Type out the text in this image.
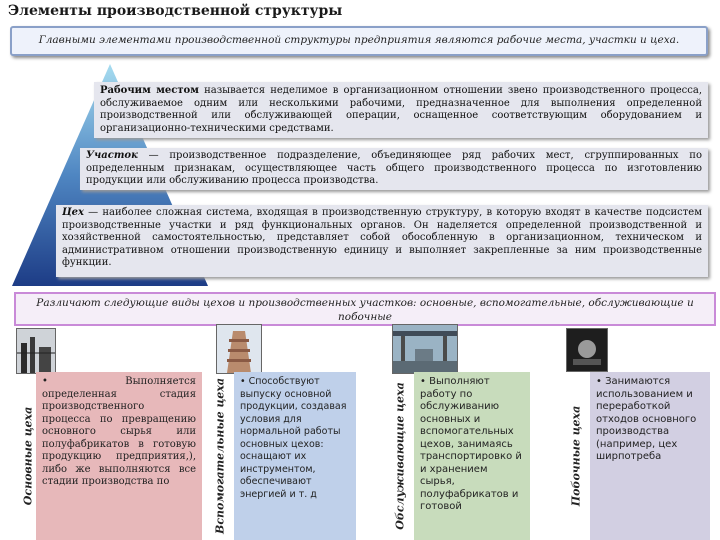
Элементы производственной структуры
Главными элементами производственной структуры предприятия являются рабочие места, участки и цеха.
Рабочим местом называется неделимое в организационном отношении звено производственного процесса, обслуживаемое одним или несколькими рабочими, предназначенное для выполнения определенной производственной или обслуживающей операции, оснащенное соответствующим оборудованием и организационно-техническими средствами.
Участок — производственное подразделение, объединяющее ряд рабочих мест, сгруппированных по определенным признакам, осуществляющее часть общего производственного процесса по изготовлению продукции или обслуживанию процесса производства.
Цех — наиболее сложная система, входящая в производственную структуру, в которую входят в качестве подсистем производственные участки и ряд функциональных органов. Он наделяется определенной производственной и хозяйственной самостоятельностью, представляет собой обособленную в организационном, техническом и административном отношении производственную единицу и выполняет закрепленные за ним производственные функции.
Различают следующие виды цехов и производственных участков: основные, вспомогательные, обслуживающие и побочные
Основные цеха	Вспомогательные цеха	Обслуживающие цеха	Побочные цеха
• Выполняется определенная стадия производственного процесса по превращению основного сырья или полуфабрикатов в готовую продукцию предприятия,), либо же выполняются все стадии производства по
• Способствуют выпуску основной продукции, создавая условия для нормальной работы основных цехов: оснащают их инструментом, обеспечивают энергией и т. д
• Выполняют работу по обслуживанию основных и вспомогательных цехов, занимаясь транспортировко й и хранением сырья, полуфабрикатов и готовой
• Занимаются использованием и переработкой отходов основного производства (например, цех ширпотреба
